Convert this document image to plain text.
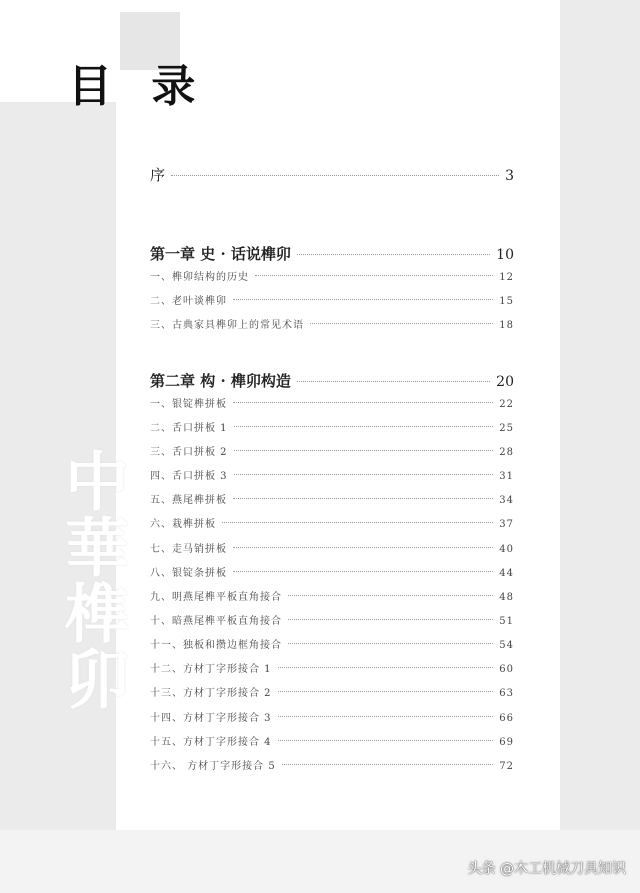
目 录
中華榫卯
序	3
第一章 史 · 话说榫卯	10
一、榫卯结构的历史	12
二、老叶谈榫卯	15
三、古典家具榫卯上的常见术语	18
第二章 构 · 榫卯构造	20
一、银锭榫拼板	22
二、舌口拼板 1	25
三、舌口拼板 2	28
四、舌口拼板 3	31
五、燕尾榫拼板	34
六、栽榫拼板	37
七、走马销拼板	40
八、银锭条拼板	44
九、明燕尾榫平板直角接合	48
十、暗燕尾榫平板直角接合	51
十一、独板和攒边框角接合	54
十二、方材丁字形接合 1	60
十三、方材丁字形接合 2	63
十四、方材丁字形接合 3	66
十五、方材丁字形接合 4	69
十六、 方材丁字形接合 5	72
头条 @木工机械刀具知识
